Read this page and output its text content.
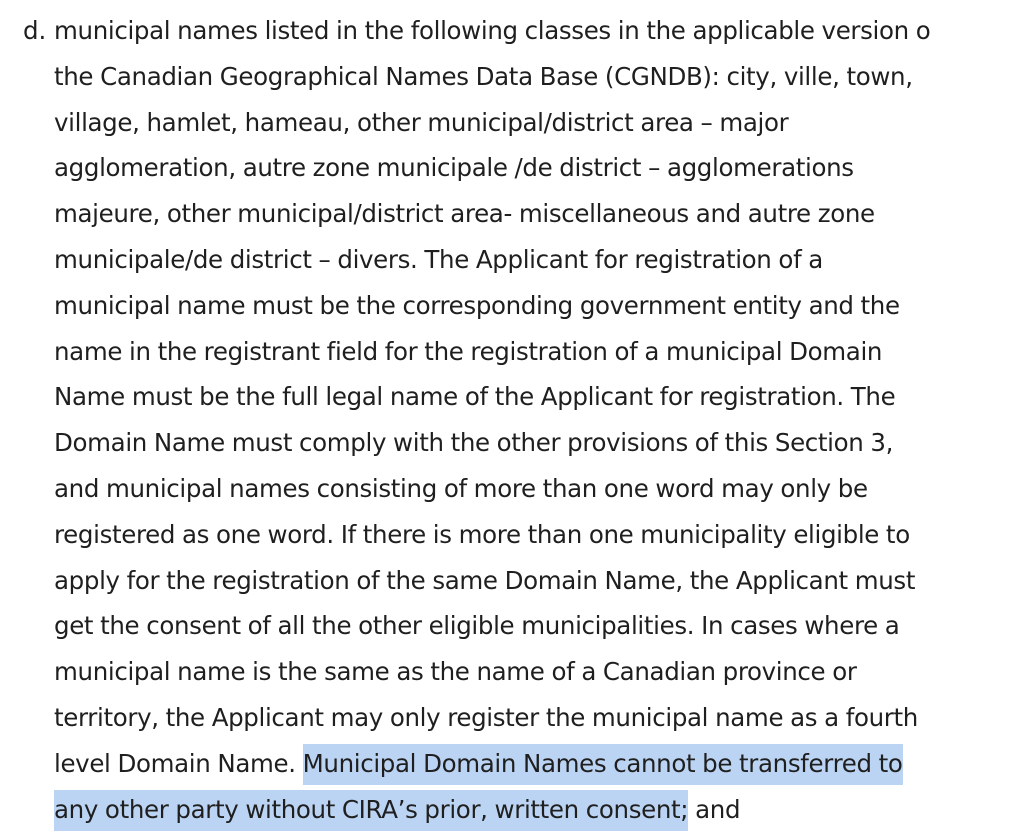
d. municipal names listed in the following classes in the applicable version o
the Canadian Geographical Names Data Base (CGNDB): city, ville, town,
village, hamlet, hameau, other municipal/district area – major
agglomeration, autre zone municipale /de district – agglomerations
majeure, other municipal/district area- miscellaneous and autre zone
municipale/de district – divers. The Applicant for registration of a
municipal name must be the corresponding government entity and the
name in the registrant field for the registration of a municipal Domain
Name must be the full legal name of the Applicant for registration. The
Domain Name must comply with the other provisions of this Section 3,
and municipal names consisting of more than one word may only be
registered as one word. If there is more than one municipality eligible to
apply for the registration of the same Domain Name, the Applicant must
get the consent of all the other eligible municipalities. In cases where a
municipal name is the same as the name of a Canadian province or
territory, the Applicant may only register the municipal name as a fourth
level Domain Name. Municipal Domain Names cannot be transferred to
any other party without CIRA’s prior, written consent; and
